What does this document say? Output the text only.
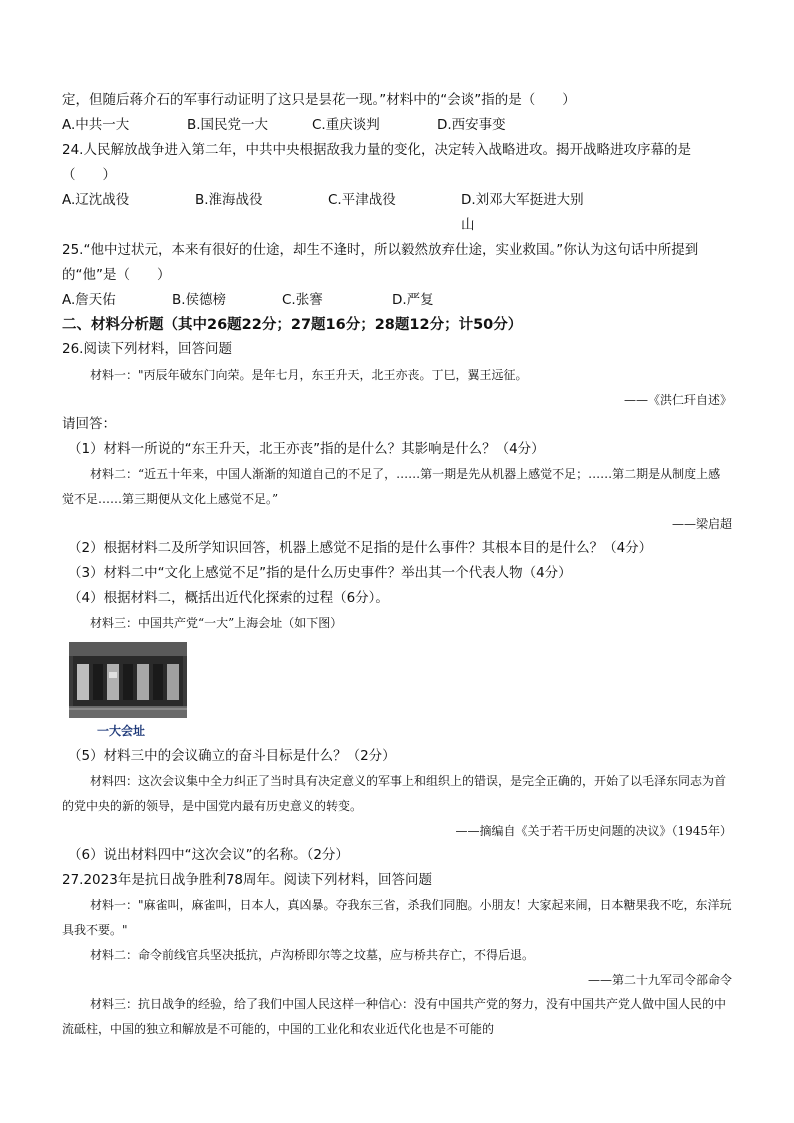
定，但随后蒋介石的军事行动证明了这只是昙花一现。”材料中的“会谈”指的是（　　）
A.中共一大	B.国民党一大	C.重庆谈判	D.西安事变
24.人民解放战争进入第二年，中共中央根据敌我力量的变化，决定转入战略进攻。揭开战略进攻序幕的是
（　　）
A.辽沈战役	B.淮海战役	C.平津战役	D.刘邓大军挺进大别山
25.“他中过状元，本来有很好的仕途，却生不逢时，所以毅然放弃仕途，实业救国。”你认为这句话中所提到
的“他”是（　　）
A.詹天佑	B.侯德榜	C.张謇	D.严复
二、材料分析题（其中26题22分；27题16分；28题12分；计50分）
26.阅读下列材料，回答问题
材料一："丙辰年破东门向荣。是年七月，东王升天，北王亦丧。丁巳，翼王远征。
——《洪仁玕自述》
请回答：
（1）材料一所说的“东王升天，北王亦丧”指的是什么？其影响是什么？（4分）
材料二：“近五十年来，中国人渐渐的知道自己的不足了，……第一期是先从机器上感觉不足；……第二期是从制度上感觉不足……第三期便从文化上感觉不足。”
——梁启超
（2）根据材料二及所学知识回答，机器上感觉不足指的是什么事件？其根本目的是什么？（4分）
（3）材料二中“文化上感觉不足”指的是什么历史事件？举出其一个代表人物（4分）
（4）根据材料二，概括出近代化探索的过程（6分）。
材料三：中国共产党“一大”上海会址（如下图）
一大会址
（5）材料三中的会议确立的奋斗目标是什么？（2分）
材料四：这次会议集中全力纠正了当时具有决定意义的军事上和组织上的错误，是完全正确的，开始了以毛泽东同志为首的党中央的新的领导，是中国党内最有历史意义的转变。
——摘编自《关于若干历史问题的决议》（1945年）
（6）说出材料四中“这次会议”的名称。（2分）
27.2023年是抗日战争胜利78周年。阅读下列材料，回答问题
材料一："麻雀叫，麻雀叫，日本人，真凶暴。夺我东三省，杀我们同胞。小朋友！大家起来闹，日本糖果我不吃，东洋玩具我不要。"
材料二：命令前线官兵坚决抵抗，卢沟桥即尔等之坟墓，应与桥共存亡，不得后退。
——第二十九军司令部命令
材料三：抗日战争的经验，给了我们中国人民这样一种信心：没有中国共产党的努力，没有中国共产党人做中国人民的中流砥柱，中国的独立和解放是不可能的，中国的工业化和农业近代化也是不可能的
